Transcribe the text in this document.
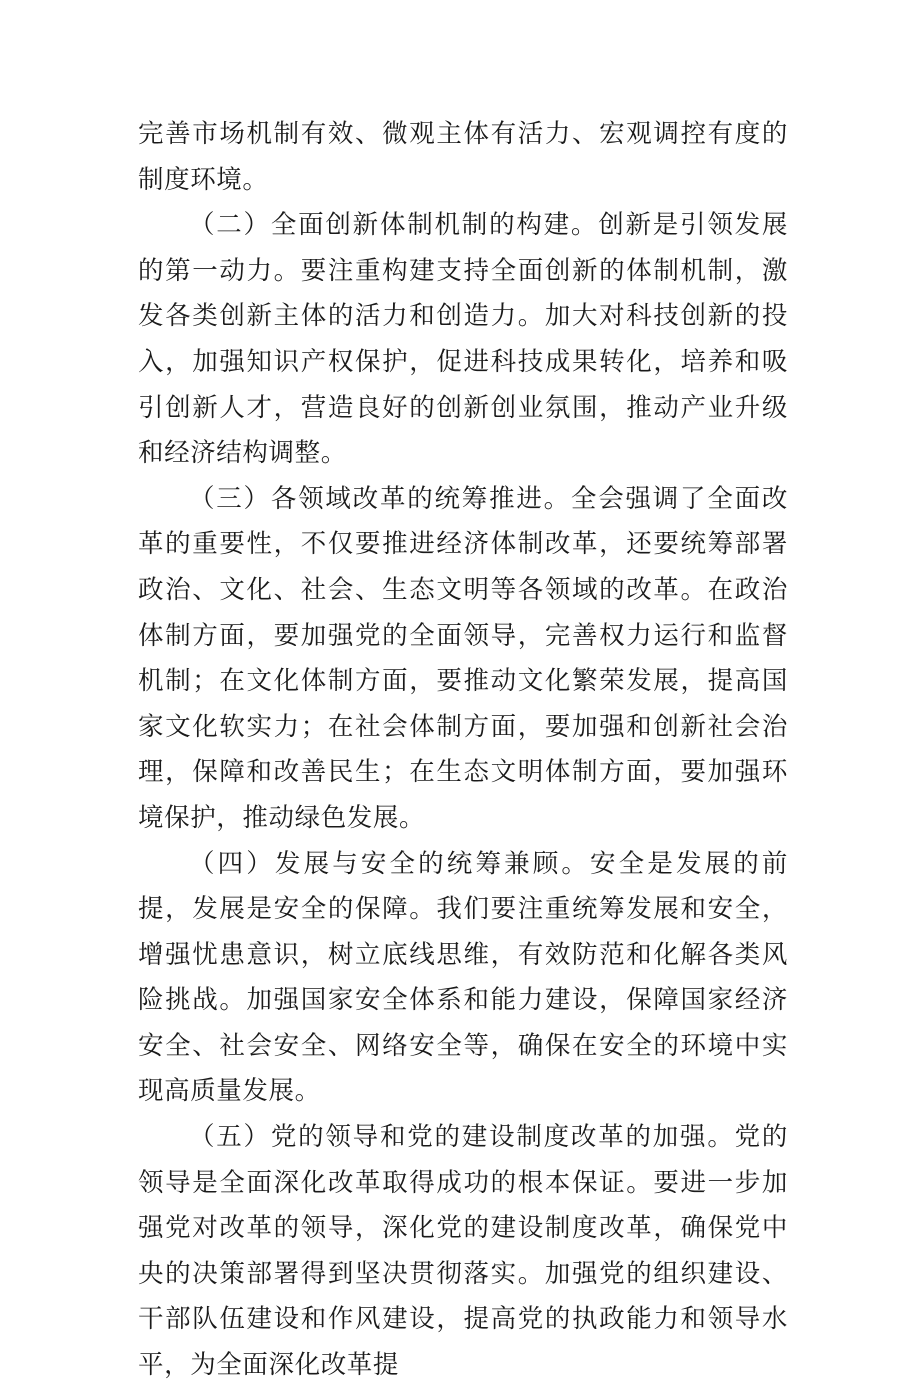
完善市场机制有效、微观主体有活力、宏观调控有度的制度环境。

（二）全面创新体制机制的构建。创新是引领发展的第一动力。要注重构建支持全面创新的体制机制，激发各类创新主体的活力和创造力。加大对科技创新的投入，加强知识产权保护，促进科技成果转化，培养和吸引创新人才，营造良好的创新创业氛围，推动产业升级和经济结构调整。

（三）各领域改革的统筹推进。全会强调了全面改革的重要性，不仅要推进经济体制改革，还要统筹部署政治、文化、社会、生态文明等各领域的改革。在政治体制方面，要加强党的全面领导，完善权力运行和监督机制；在文化体制方面，要推动文化繁荣发展，提高国家文化软实力；在社会体制方面，要加强和创新社会治理，保障和改善民生；在生态文明体制方面，要加强环境保护，推动绿色发展。

（四）发展与安全的统筹兼顾。安全是发展的前提，发展是安全的保障。我们要注重统筹发展和安全，增强忧患意识，树立底线思维，有效防范和化解各类风险挑战。加强国家安全体系和能力建设，保障国家经济安全、社会安全、网络安全等，确保在安全的环境中实现高质量发展。

（五）党的领导和党的建设制度改革的加强。党的领导是全面深化改革取得成功的根本保证。要进一步加强党对改革的领导，深化党的建设制度改革，确保党中央的决策部署得到坚决贯彻落实。加强党的组织建设、干部队伍建设和作风建设，提高党的执政能力和领导水平，为全面深化改革提
